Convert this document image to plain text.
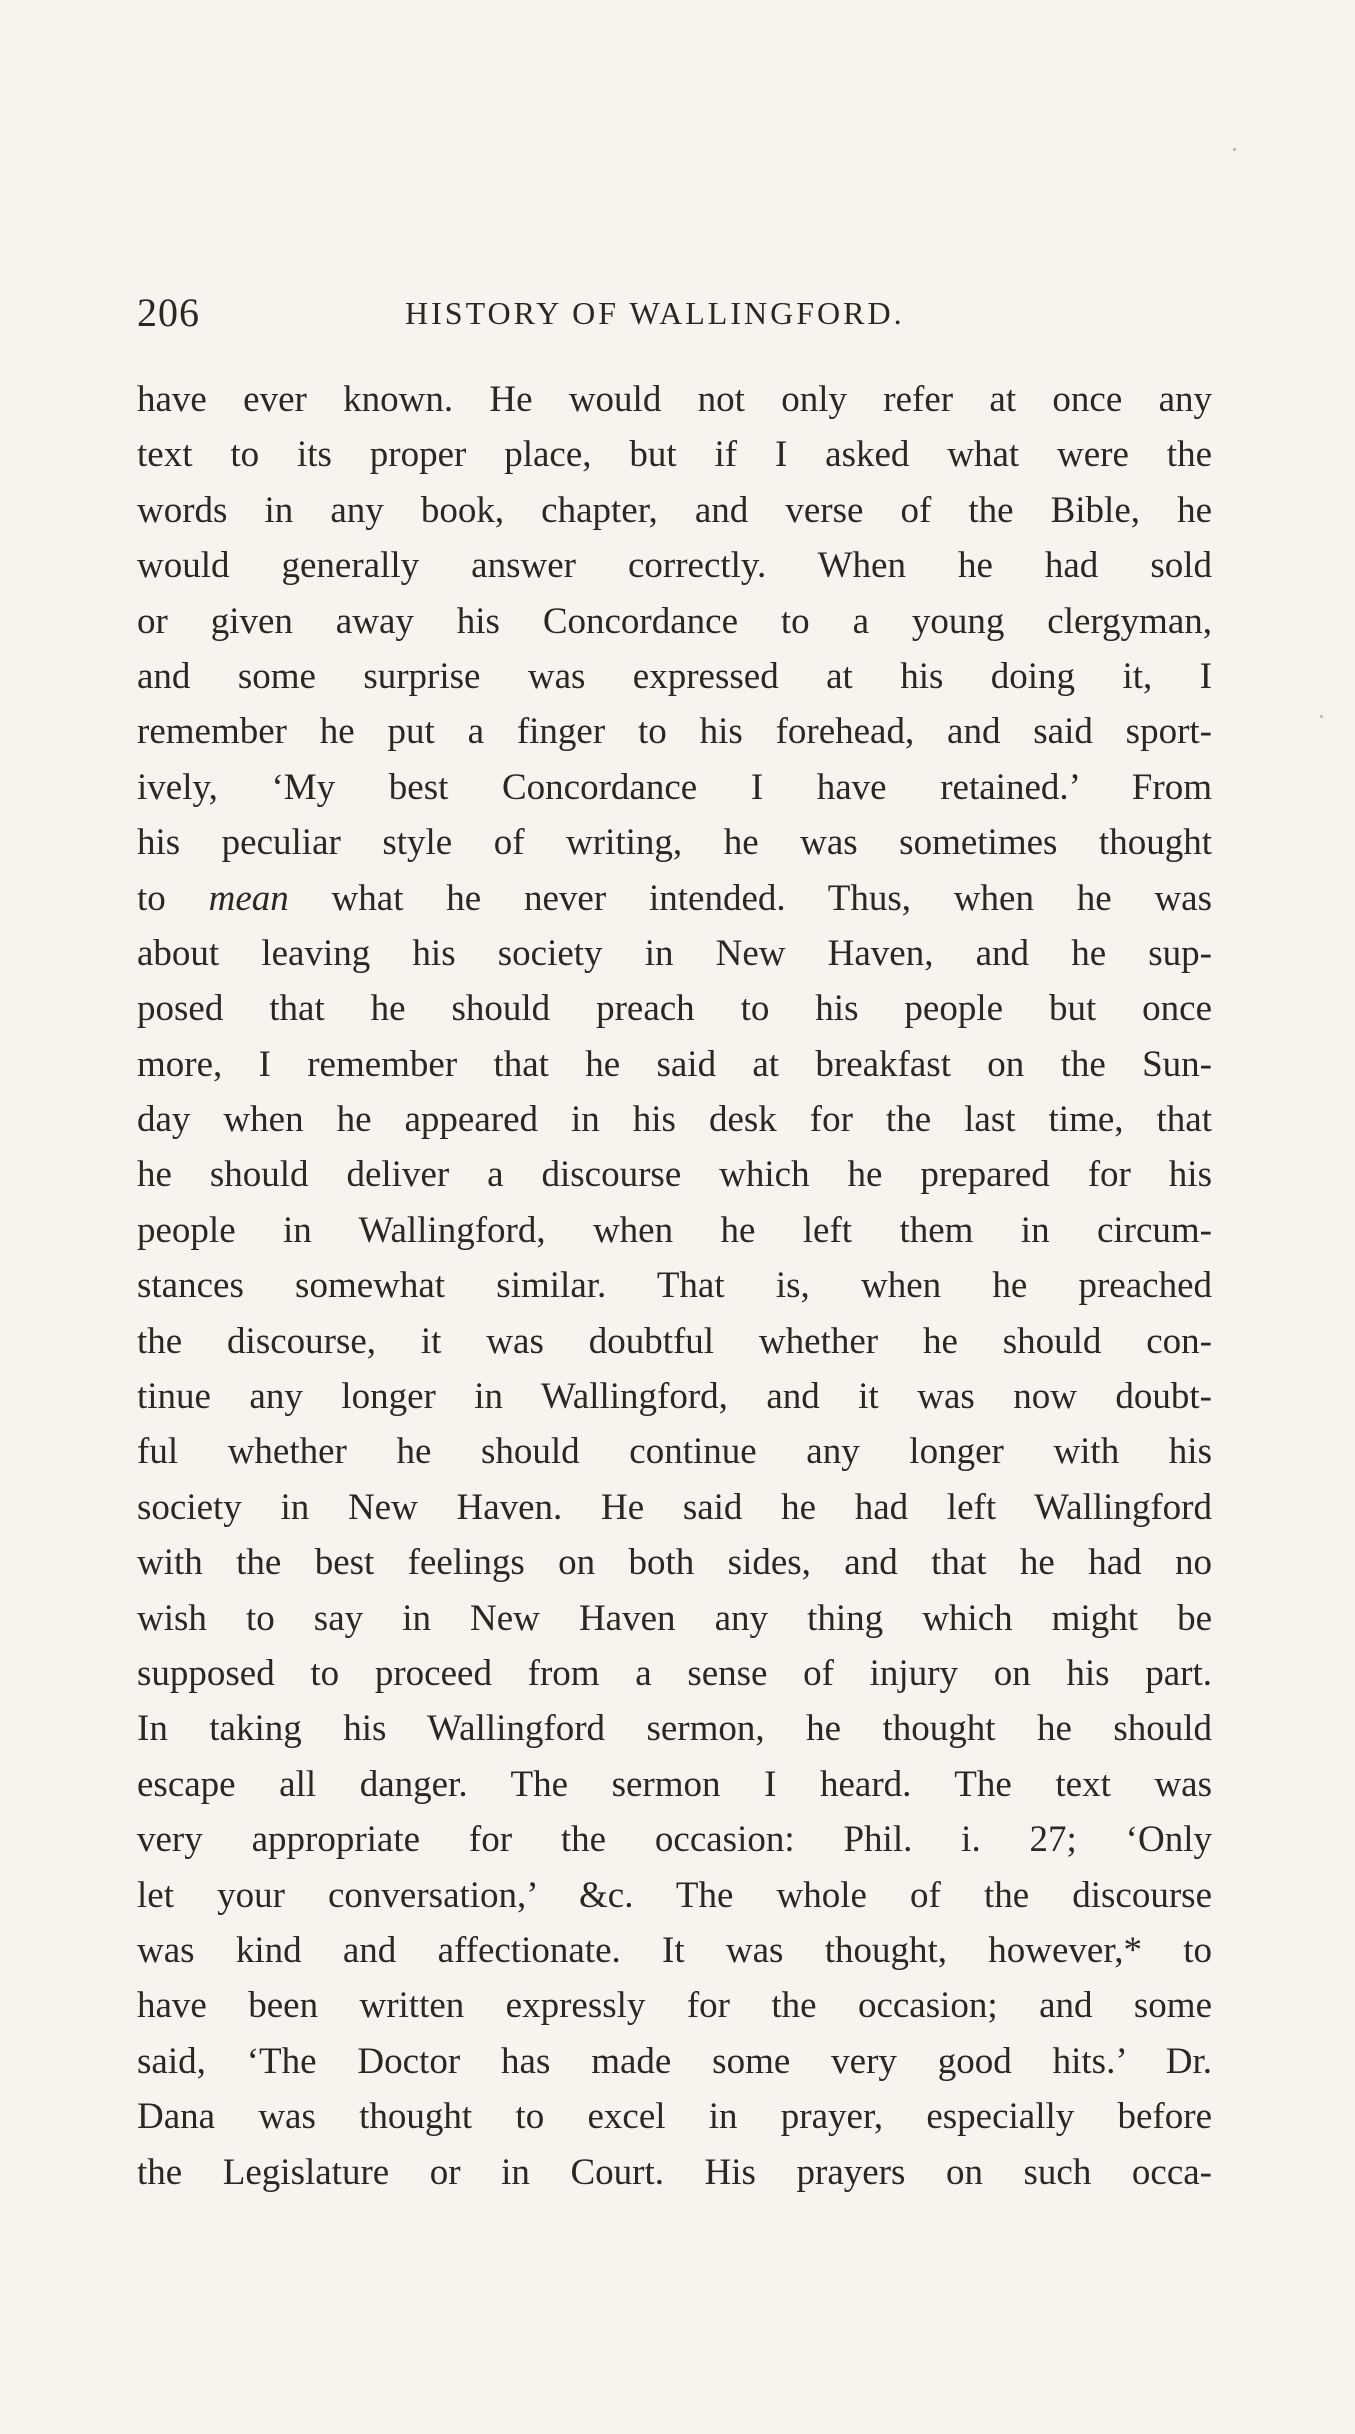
206	HISTORY OF WALLINGFORD.
have ever known. He would not only refer at once any
text to its proper place, but if I asked what were the
words in any book, chapter, and verse of the Bible, he
would generally answer correctly. When he had sold
or given away his Concordance to a young clergyman,
and some surprise was expressed at his doing it, I
remember he put a finger to his forehead, and said sport-
ively, ‘My best Concordance I have retained.’ From
his peculiar style of writing, he was sometimes thought
to mean what he never intended. Thus, when he was
about leaving his society in New Haven, and he sup-
posed that he should preach to his people but once
more, I remember that he said at breakfast on the Sun-
day when he appeared in his desk for the last time, that
he should deliver a discourse which he prepared for his
people in Wallingford, when he left them in circum-
stances somewhat similar. That is, when he preached
the discourse, it was doubtful whether he should con-
tinue any longer in Wallingford, and it was now doubt-
ful whether he should continue any longer with his
society in New Haven. He said he had left Wallingford
with the best feelings on both sides, and that he had no
wish to say in New Haven any thing which might be
supposed to proceed from a sense of injury on his part.
In taking his Wallingford sermon, he thought he should
escape all danger. The sermon I heard. The text was
very appropriate for the occasion: Phil. i. 27; ‘Only
let your conversation,’ &c. The whole of the discourse
was kind and affectionate. It was thought, however,* to
have been written expressly for the occasion; and some
said, ‘The Doctor has made some very good hits.’ Dr.
Dana was thought to excel in prayer, especially before
the Legislature or in Court. His prayers on such occa-
